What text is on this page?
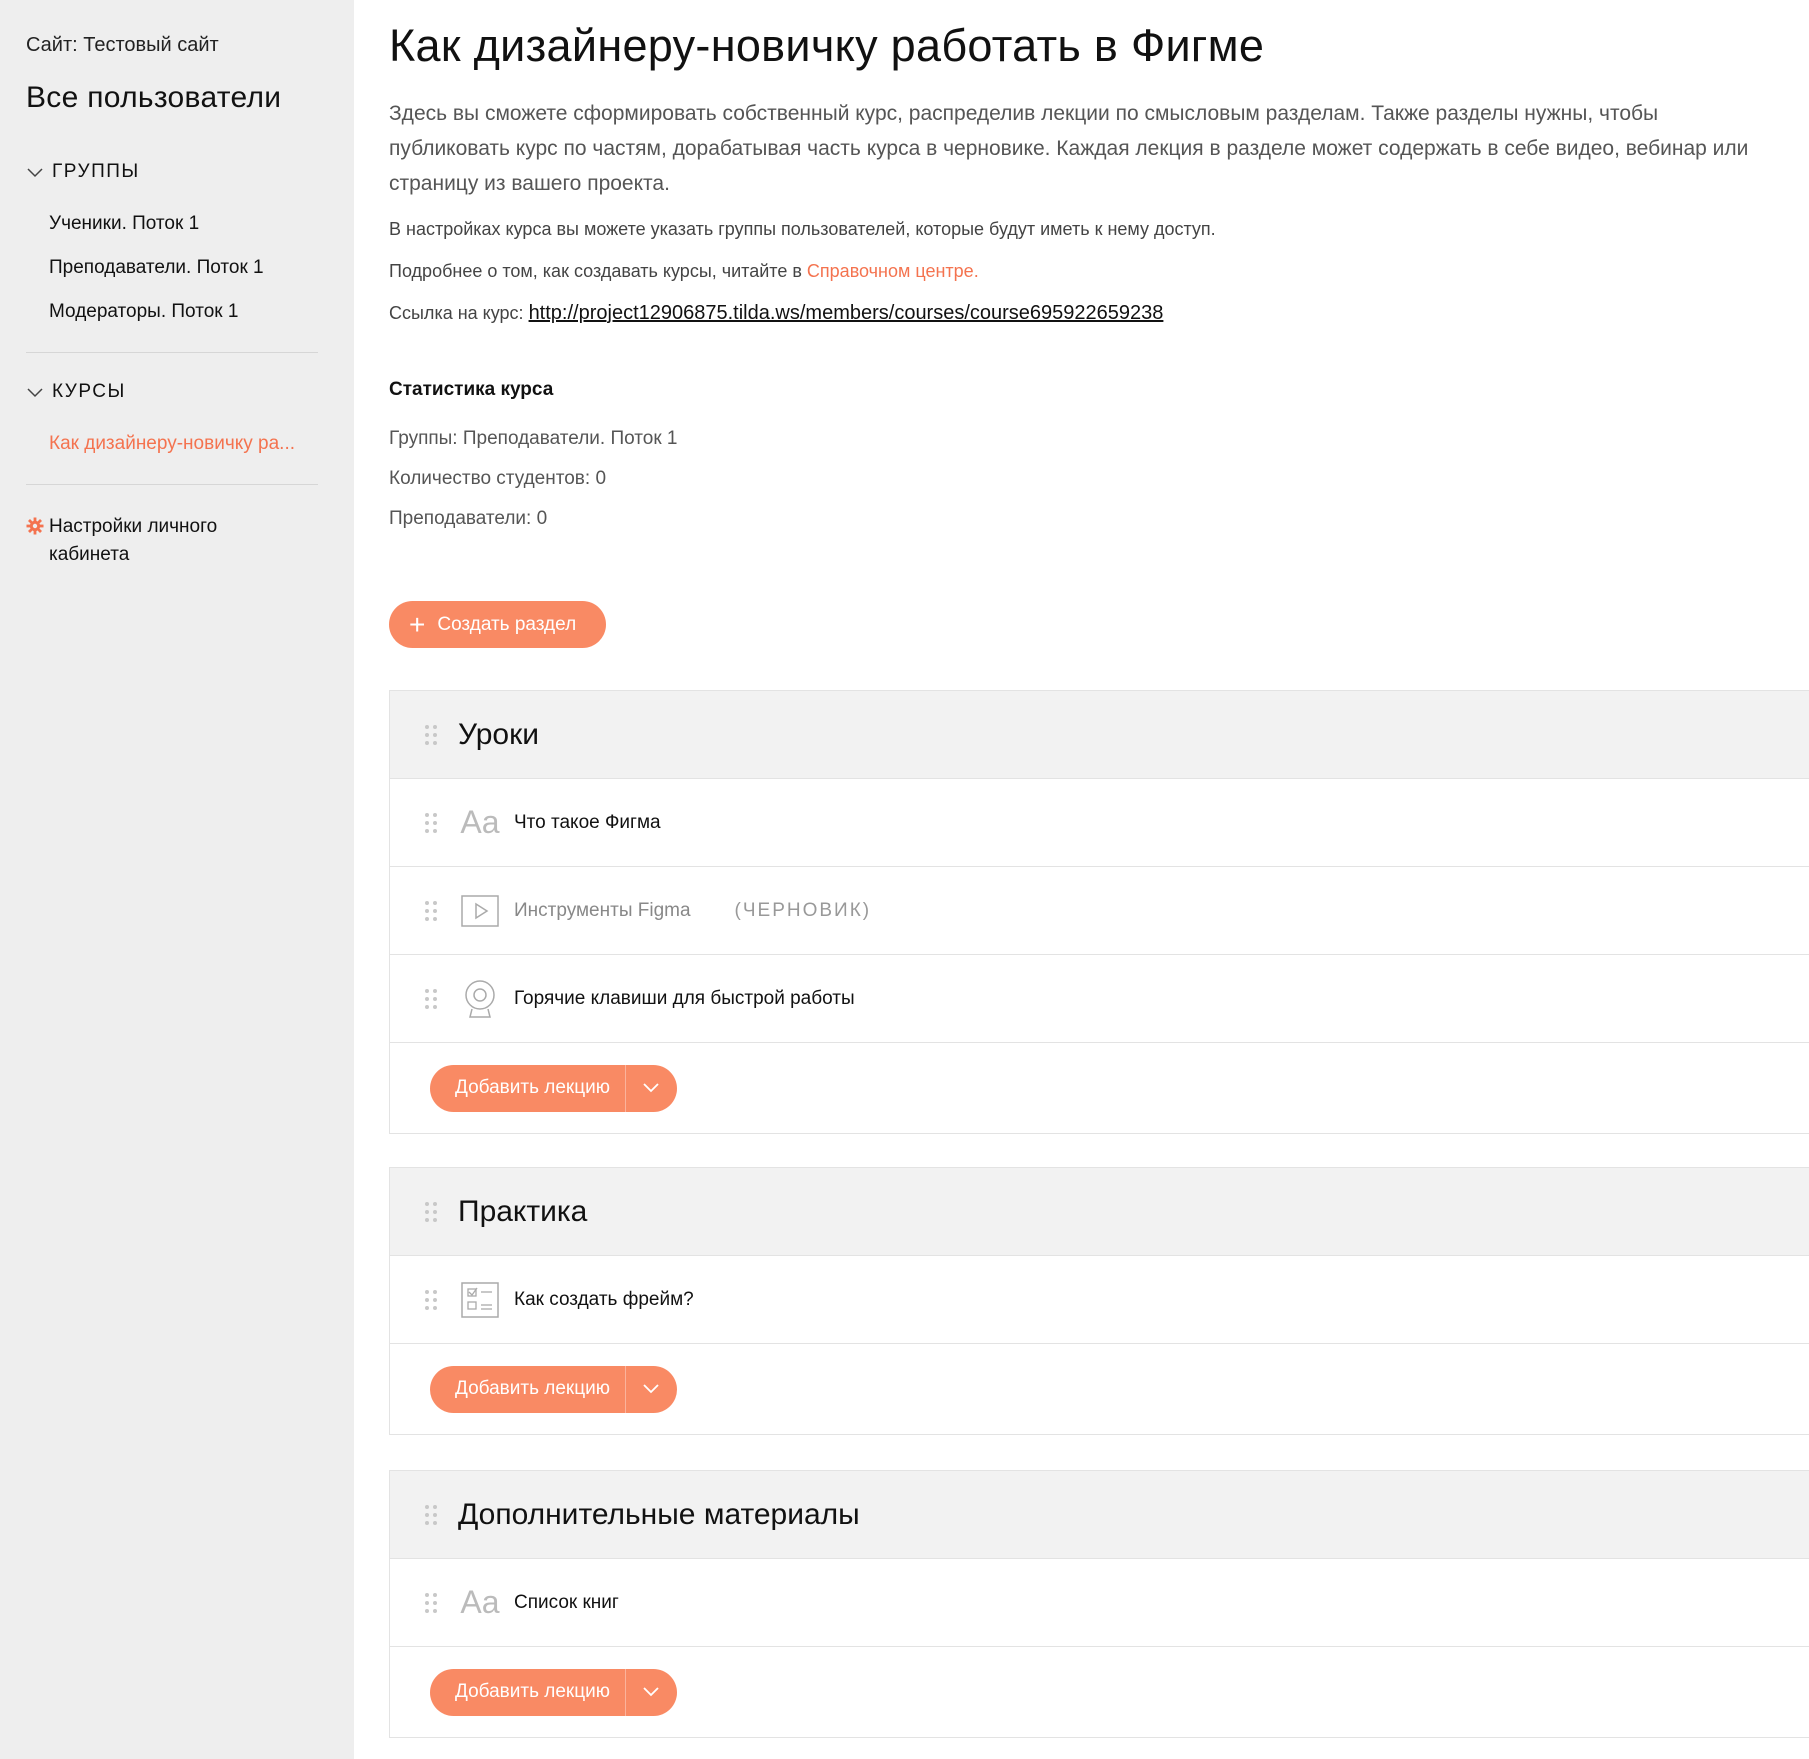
Сайт: Тестовый сайт
Все пользователи
ГРУППЫ
Ученики. Поток 1
Преподаватели. Поток 1
Модераторы. Поток 1
КУРСЫ
Как дизайнеру-новичку ра...
Настройки личного кабинета
Как дизайнеру-новичку работать в Фигме

Здесь вы сможете сформировать собственный курс, распределив лекции по смысловым разделам. Также разделы нужны, чтобы публиковать курс по частям, дорабатывая часть курса в черновике. Каждая лекция в разделе может содержать в себе видео, вебинар или страницу из вашего проекта.

В настройках курса вы можете указать группы пользователей, которые будут иметь к нему доступ.

Подробнее о том, как создавать курсы, читайте в Справочном центре.

Ссылка на курс: http://project12906875.tilda.ws/members/courses/course695922659238

Статистика курса
Группы: Преподаватели. Поток 1
Количество студентов: 0
Преподаватели: 0
+ Создать раздел
Уроки
Aa Что такое Фигма
Инструменты Figma (ЧЕРНОВИК)
Горячие клавиши для быстрой работы
Добавить лекцию
Практика
Как создать фрейм?
Добавить лекцию
Дополнительные материалы
Aa Список книг
Добавить лекцию
